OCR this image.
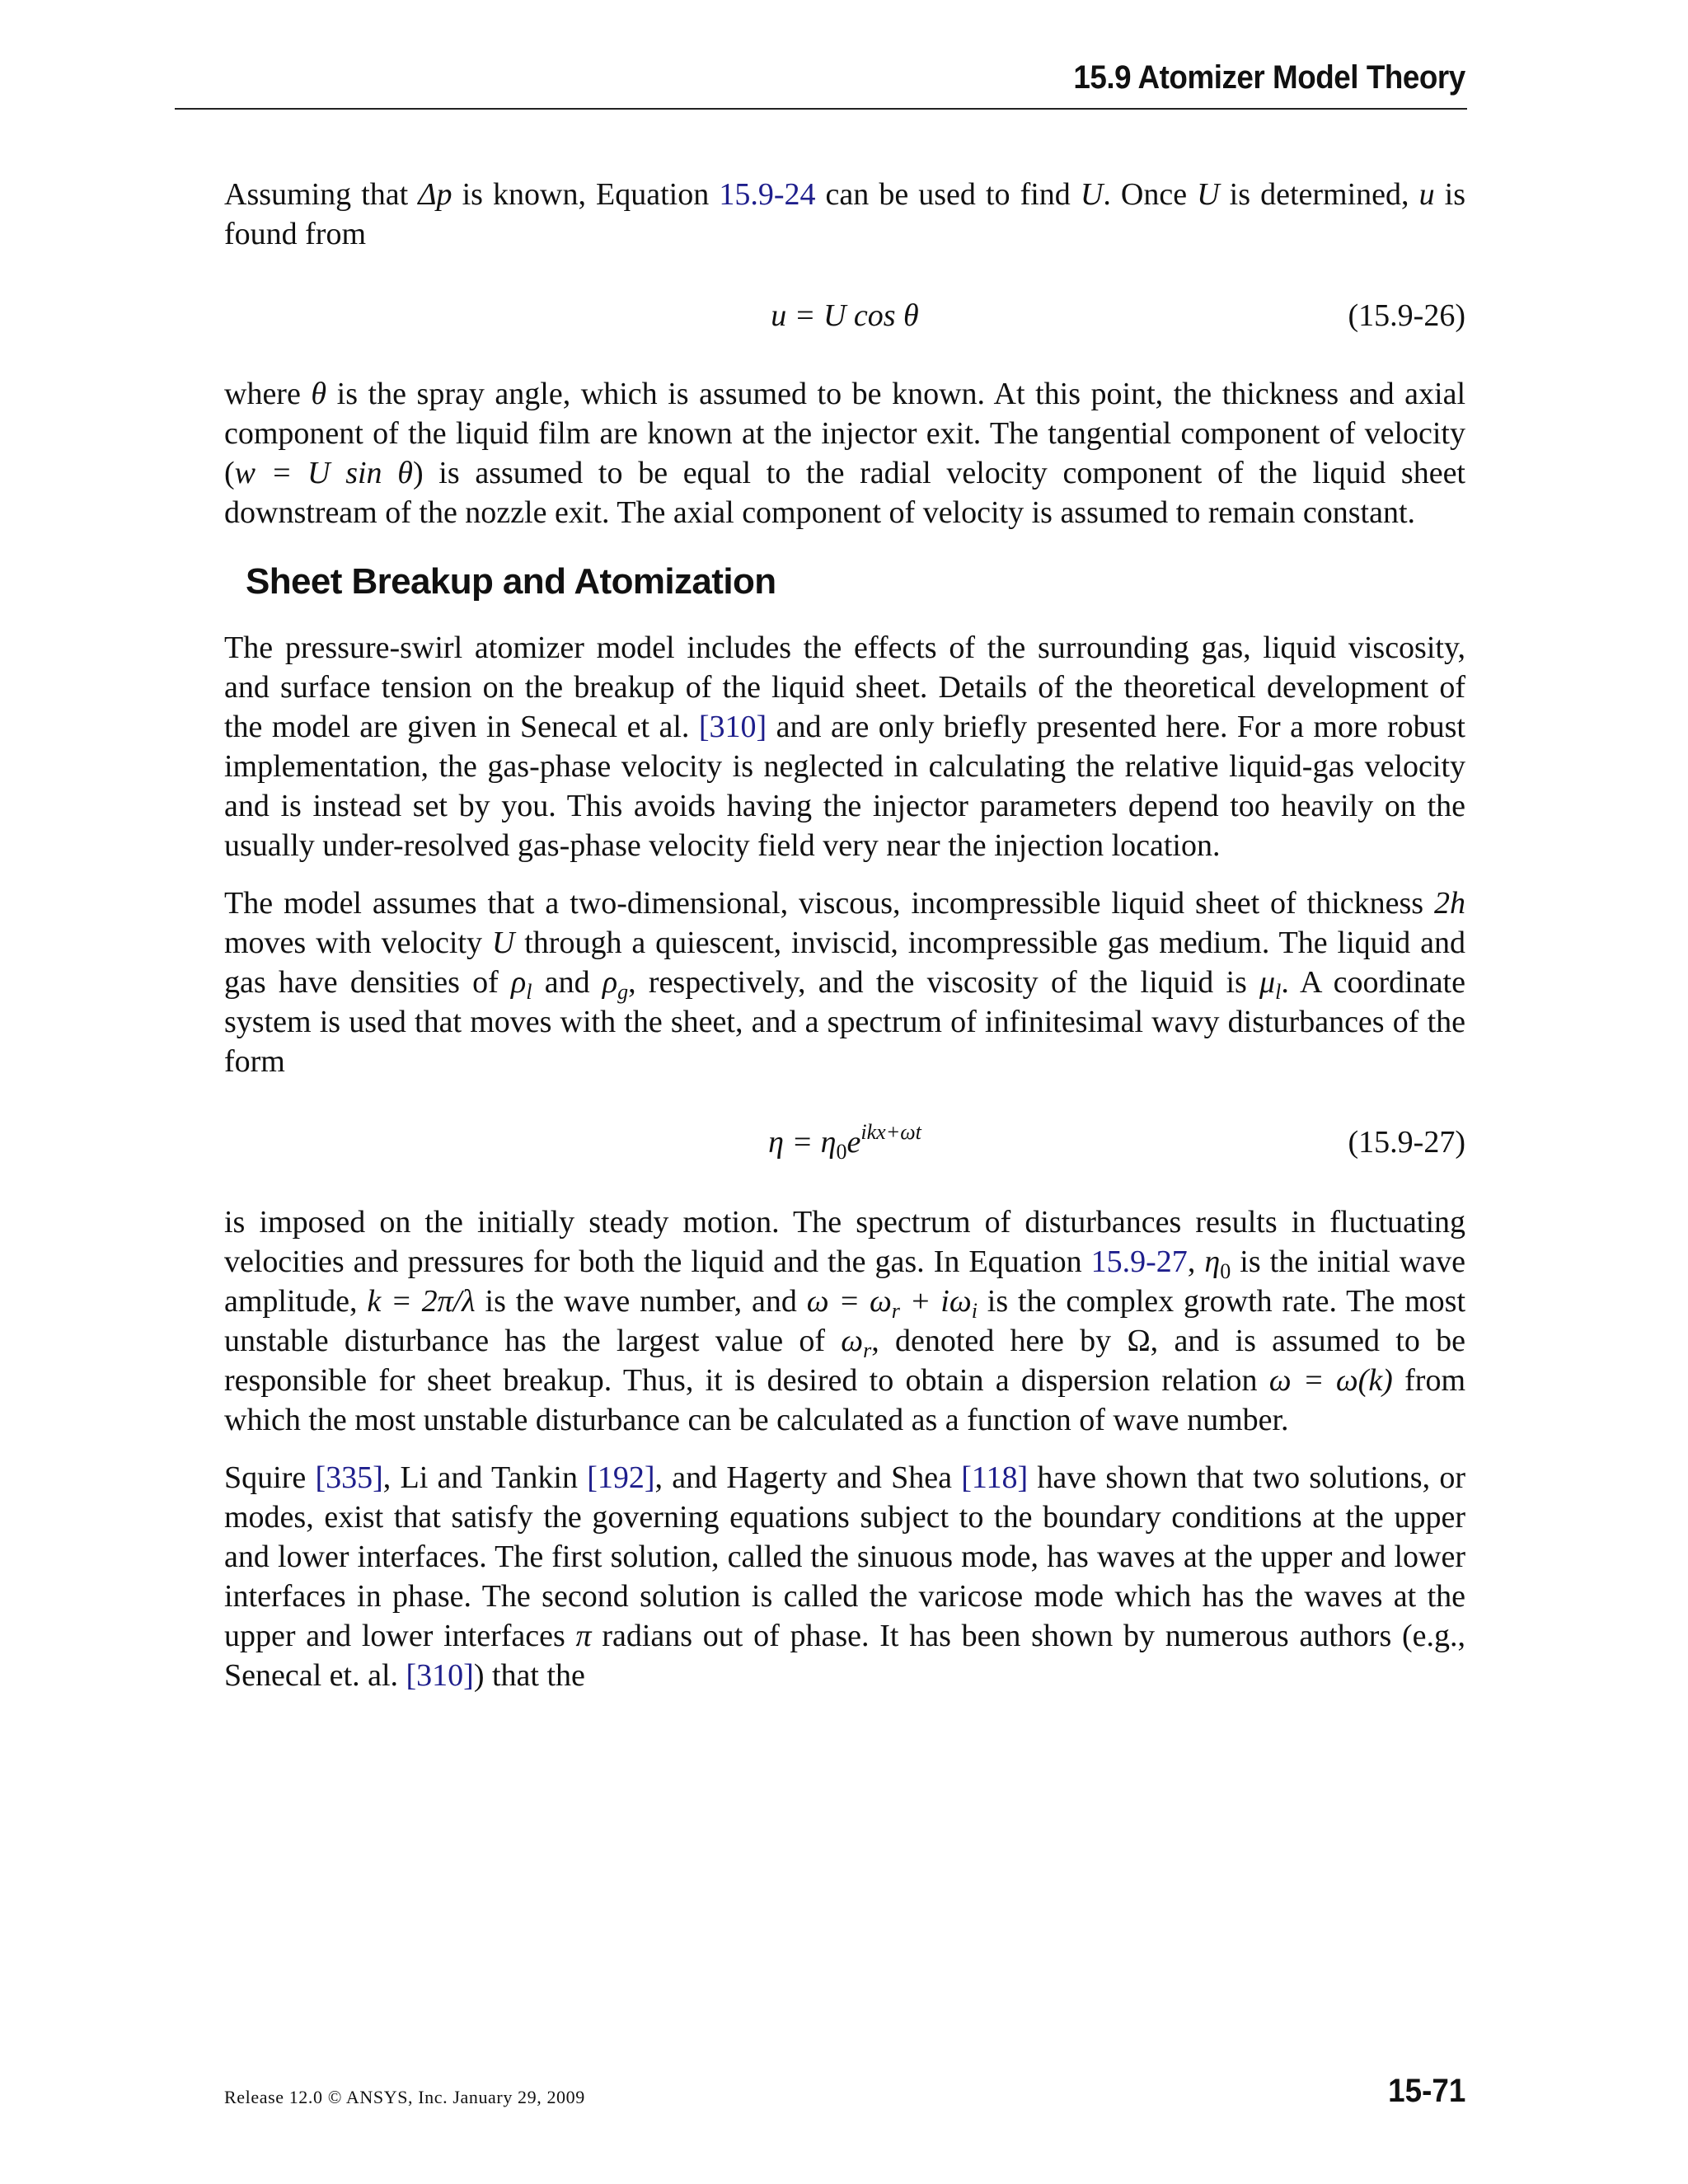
15.9 Atomizer Model Theory

Assuming that Δp is known, Equation 15.9-24 can be used to find U. Once U is determined, u is found from

u = U cos θ	(15.9-26)

where θ is the spray angle, which is assumed to be known. At this point, the thickness and axial component of the liquid film are known at the injector exit. The tangential component of velocity (w = U sin θ) is assumed to be equal to the radial velocity component of the liquid sheet downstream of the nozzle exit. The axial component of velocity is assumed to remain constant.

Sheet Breakup and Atomization

The pressure-swirl atomizer model includes the effects of the surrounding gas, liquid viscosity, and surface tension on the breakup of the liquid sheet. Details of the theoretical development of the model are given in Senecal et al. [310] and are only briefly presented here. For a more robust implementation, the gas-phase velocity is neglected in calculating the relative liquid-gas velocity and is instead set by you. This avoids having the injector parameters depend too heavily on the usually under-resolved gas-phase velocity field very near the injection location.

The model assumes that a two-dimensional, viscous, incompressible liquid sheet of thickness 2h moves with velocity U through a quiescent, inviscid, incompressible gas medium. The liquid and gas have densities of $\rho_l$ and $\rho_g$, respectively, and the viscosity of the liquid is $\mu_l$. A coordinate system is used that moves with the sheet, and a spectrum of infinitesimal wavy disturbances of the form

$\eta = \eta_0e^{ikx+\omega t}$	(15.9-27)

is imposed on the initially steady motion. The spectrum of disturbances results in fluctuating velocities and pressures for both the liquid and the gas. In Equation 15.9-27, $\eta_0$ is the initial wave amplitude, k = 2π/λ is the wave number, and $\omega = \omega_r + i\omega_i$ is the complex growth rate. The most unstable disturbance has the largest value of $\omega_r$, denoted here by Ω, and is assumed to be responsible for sheet breakup. Thus, it is desired to obtain a dispersion relation ω = ω(k) from which the most unstable disturbance can be calculated as a function of wave number.

Squire [335], Li and Tankin [192], and Hagerty and Shea [118] have shown that two solutions, or modes, exist that satisfy the governing equations subject to the boundary conditions at the upper and lower interfaces. The first solution, called the sinuous mode, has waves at the upper and lower interfaces in phase. The second solution is called the varicose mode which has the waves at the upper and lower interfaces π radians out of phase. It has been shown by numerous authors (e.g., Senecal et. al. [310]) that the

Release 12.0 © ANSYS, Inc. January 29, 2009	15-71
